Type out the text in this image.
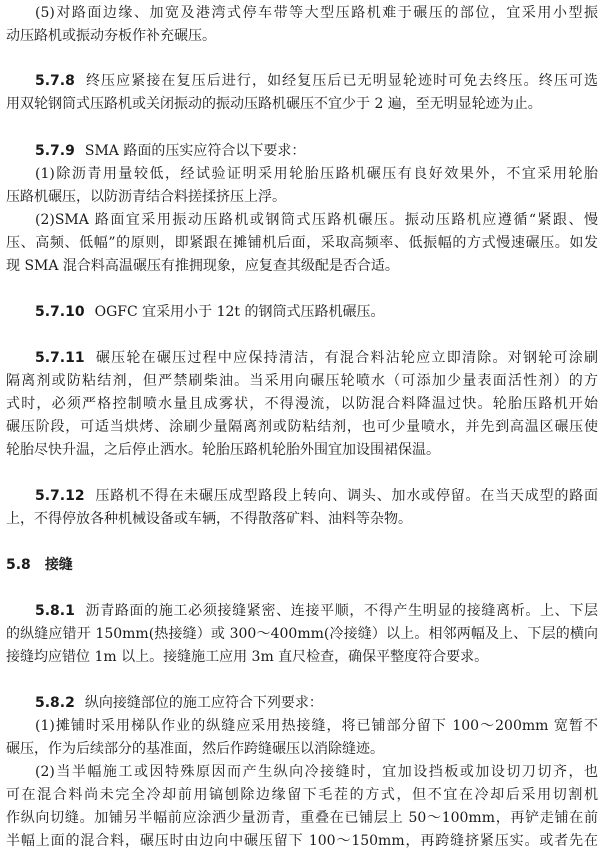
(5)对路面边缘、加宽及港湾式停车带等大型压路机难于碾压的部位，宜采用小型振
动压路机或振动夯板作补充碾压。
5.7.8 终压应紧接在复压后进行，如经复压后已无明显轮迹时可免去终压。终压可选
用双轮钢筒式压路机或关闭振动的振动压路机碾压不宜少于 2 遍，至无明显轮迹为止。
5.7.9 SMA 路面的压实应符合以下要求：
(1)除沥青用量较低，经试验证明采用轮胎压路机碾压有良好效果外，不宜采用轮胎
压路机碾压，以防沥青结合料搓揉挤压上浮。
(2)SMA 路面宜采用振动压路机或钢筒式压路机碾压。振动压路机应遵循“紧跟、慢
压、高频、低幅”的原则，即紧跟在摊铺机后面，采取高频率、低振幅的方式慢速碾压。如发
现 SMA 混合料高温碾压有推拥现象，应复查其级配是否合适。
5.7.10 OGFC 宜采用小于 12t 的钢筒式压路机碾压。
5.7.11 碾压轮在碾压过程中应保持清洁，有混合料沾轮应立即清除。对钢轮可涂刷
隔离剂或防粘结剂，但严禁刷柴油。当采用向碾压轮喷水（可添加少量表面活性剂）的方
式时，必须严格控制喷水量且成雾状，不得漫流，以防混合料降温过快。轮胎压路机开始
碾压阶段，可适当烘烤、涂刷少量隔离剂或防粘结剂，也可少量喷水，并先到高温区碾压使
轮胎尽快升温，之后停止洒水。轮胎压路机轮胎外围宜加设围裙保温。
5.7.12 压路机不得在未碾压成型路段上转向、调头、加水或停留。在当天成型的路面
上，不得停放各种机械设备或车辆，不得散落矿料、油料等杂物。
5.8 接缝
5.8.1 沥青路面的施工必须接缝紧密、连接平顺，不得产生明显的接缝离析。上、下层
的纵缝应错开 150mm(热接缝）或 300～400mm(冷接缝）以上。相邻两幅及上、下层的横向
接缝均应错位 1m 以上。接缝施工应用 3m 直尺检查，确保平整度符合要求。
5.8.2 纵向接缝部位的施工应符合下列要求：
(1)摊铺时采用梯队作业的纵缝应采用热接缝，将已铺部分留下 100～200mm 宽暂不
碾压，作为后续部分的基准面，然后作跨缝碾压以消除缝迹。
(2)当半幅施工或因特殊原因而产生纵向冷接缝时，宜加设挡板或加设切刀切齐，也
可在混合料尚未完全冷却前用镐刨除边缘留下毛茬的方式，但不宜在冷却后采用切割机
作纵向切缝。加铺另半幅前应涂洒少量沥青，重叠在已铺层上 50～100mm，再铲走铺在前
半幅上面的混合料，碾压时由边向中碾压留下 100～150mm，再跨缝挤紧压实。或者先在
